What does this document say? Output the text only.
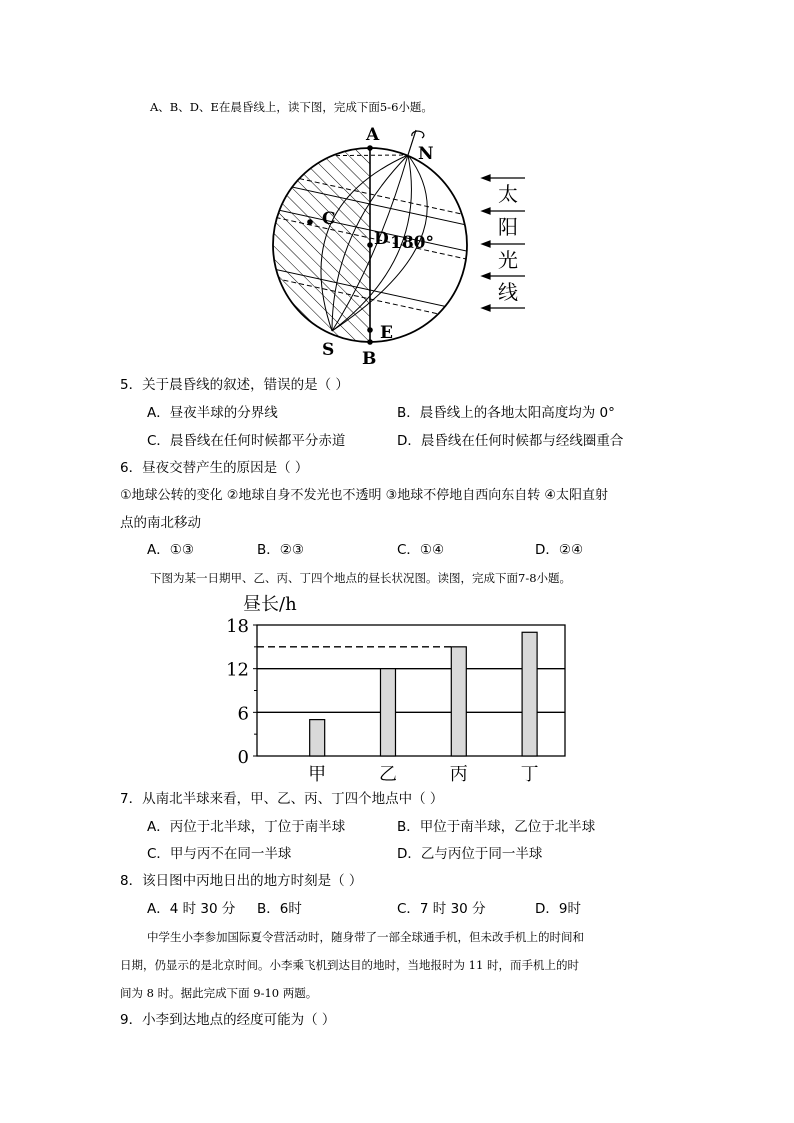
A、B、D、E在晨昏线上，读下图，完成下面5-6小题。
A
N
C
D 180°
E
S B
太
阳
光
线
5．关于晨昏线的叙述，错误的是（ ）
A．昼夜半球的分界线	B．晨昏线上的各地太阳高度均为 0°
C．晨昏线在任何时候都平分赤道	D．晨昏线在任何时候都与经线圈重合
6．昼夜交替产生的原因是（ ）
①地球公转的变化 ②地球自身不发光也不透明 ③地球不停地自西向东自转 ④太阳直射
点的南北移动
A．①③	B．②③	C．①④	D．②④
下图为某一日期甲、乙、丙、丁四个地点的昼长状况图。读图，完成下面7-8小题。
昼长/h
0
6
12
18
甲	乙	丙	丁
7．从南北半球来看，甲、乙、丙、丁四个地点中（ ）
A．丙位于北半球，丁位于南半球	B．甲位于南半球，乙位于北半球
C．甲与丙不在同一半球	D．乙与丙位于同一半球
8．该日图中丙地日出的地方时刻是（ ）
A．4 时 30 分 B．6时	C．7 时 30 分	D．9时
中学生小李参加国际夏令营活动时，随身带了一部全球通手机，但未改手机上的时间和
日期，仍显示的是北京时间。小李乘飞机到达目的地时，当地报时为 11 时，而手机上的时
间为 8 时。据此完成下面 9-10 两题。
9．小李到达地点的经度可能为（ ）
